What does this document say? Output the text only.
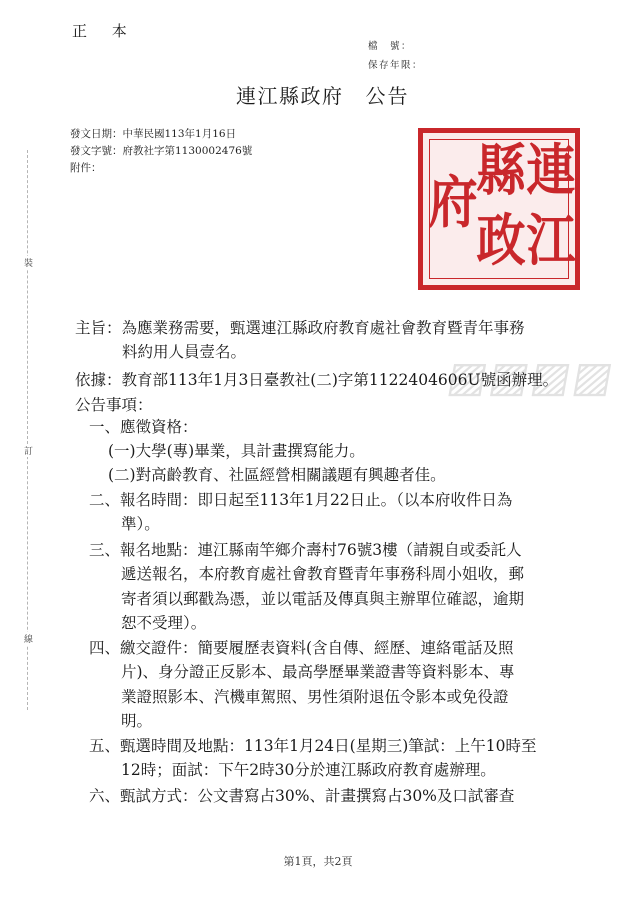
正 本
檔　號：
保存年限：
連江縣政府 公告
發文日期：中華民國113年1月16日
發文字號：府教社字第1130002476號
附件：	連
江
縣
政
府
▨▨▨▨
裝
訂
線
主旨：為應業務需要，甄選連江縣政府教育處社會教育暨青年事務
料約用人員壹名。
依據：教育部113年1月3日臺教社(二)字第1122404606U號函辦理。
公告事項：
一、應徵資格：
(一)大學(專)畢業，具計畫撰寫能力。
(二)對高齡教育、社區經營相關議題有興趣者佳。
二、報名時間：即日起至113年1月22日止。（以本府收件日為
準）。
三、報名地點：連江縣南竿鄉介壽村76號3樓（請親自或委託人
遞送報名，本府教育處社會教育暨青年事務科周小姐收，郵
寄者須以郵戳為憑，並以電話及傳真與主辦單位確認，逾期
恕不受理）。
四、繳交證件：簡要履歷表資料(含自傳、經歷、連絡電話及照
片)、身分證正反影本、最高學歷畢業證書等資料影本、專
業證照影本、汽機車駕照、男性須附退伍令影本或免役證
明。
五、甄選時間及地點：113年1月24日(星期三)筆試：上午10時至
12時；面試：下午2時30分於連江縣政府教育處辦理。
六、甄試方式：公文書寫占30%、計畫撰寫占30%及口試審查
第1頁，共2頁
